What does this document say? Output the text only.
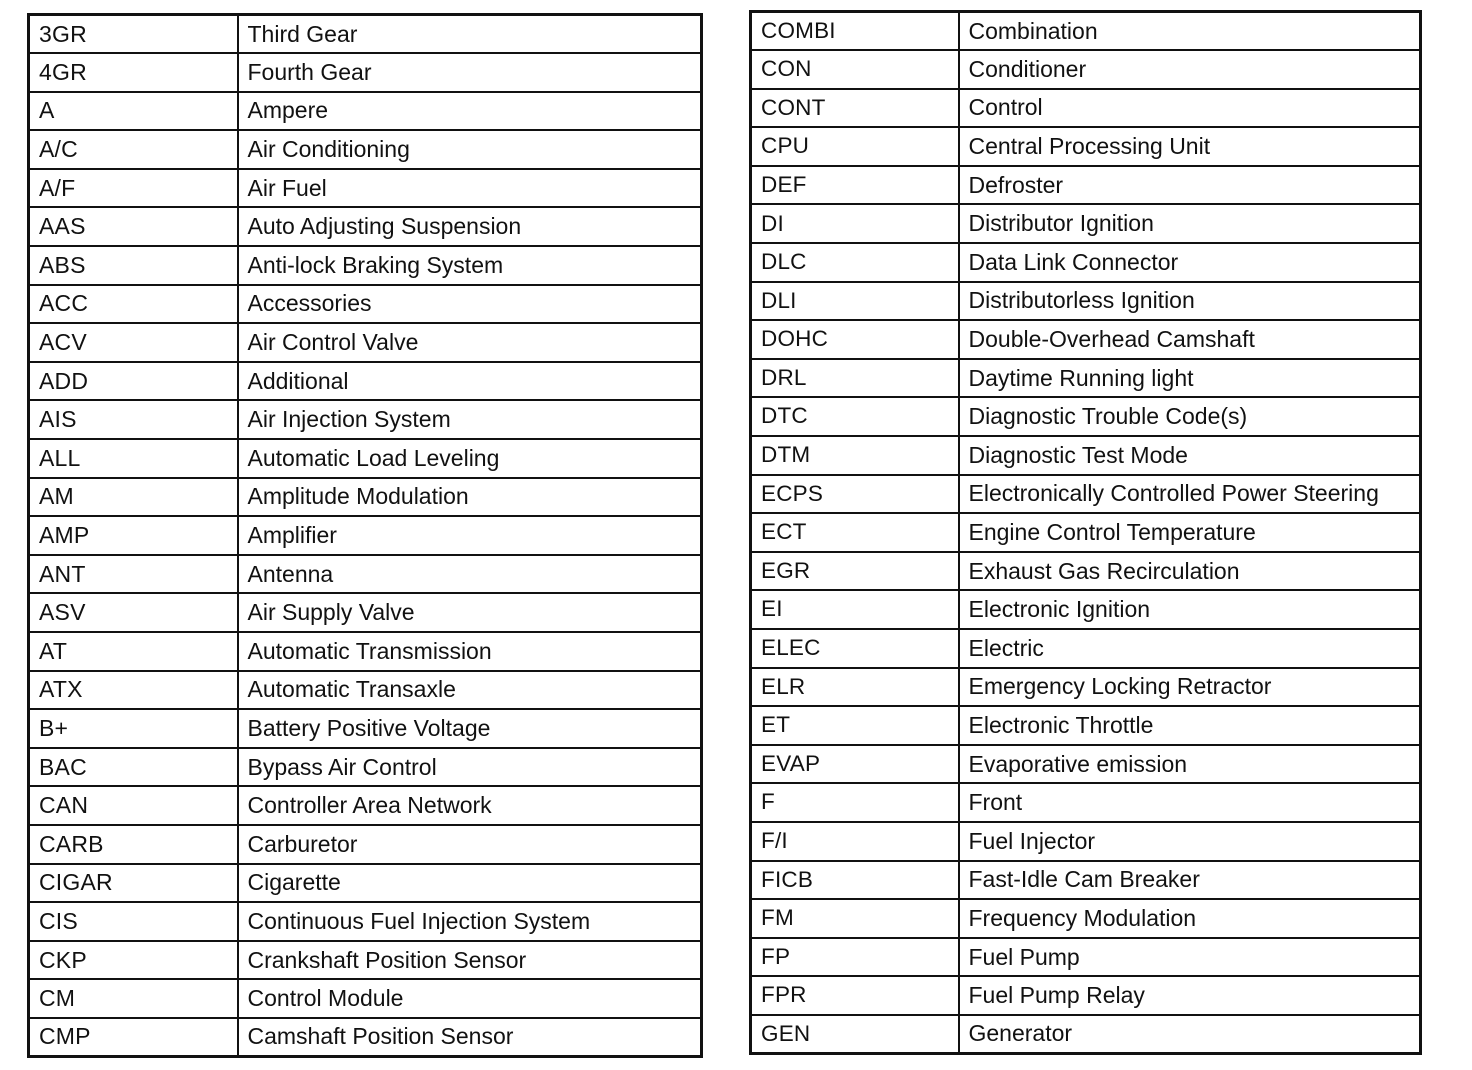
3GR	Third Gear
4GR	Fourth Gear
A	Ampere
A/C	Air Conditioning
A/F	Air Fuel
AAS	Auto Adjusting Suspension
ABS	Anti-lock Braking System
ACC	Accessories
ACV	Air Control Valve
ADD	Additional
AIS	Air Injection System
ALL	Automatic Load Leveling
AM	Amplitude Modulation
AMP	Amplifier
ANT	Antenna
ASV	Air Supply Valve
AT	Automatic Transmission
ATX	Automatic Transaxle
B+	Battery Positive Voltage
BAC	Bypass Air Control
CAN	Controller Area Network
CARB	Carburetor
CIGAR	Cigarette
CIS	Continuous Fuel Injection System
CKP	Crankshaft Position Sensor
CM	Control Module
CMP	Camshaft Position Sensor
COMBI	Combination
CON	Conditioner
CONT	Control
CPU	Central Processing Unit
DEF	Defroster
DI	Distributor Ignition
DLC	Data Link Connector
DLI	Distributorless Ignition
DOHC	Double-Overhead Camshaft
DRL	Daytime Running light
DTC	Diagnostic Trouble Code(s)
DTM	Diagnostic Test Mode
ECPS	Electronically Controlled Power Steering
ECT	Engine Control Temperature
EGR	Exhaust Gas Recirculation
EI	Electronic Ignition
ELEC	Electric
ELR	Emergency Locking Retractor
ET	Electronic Throttle
EVAP	Evaporative emission
F	Front
F/I	Fuel Injector
FICB	Fast-Idle Cam Breaker
FM	Frequency Modulation
FP	Fuel Pump
FPR	Fuel Pump Relay
GEN	Generator
